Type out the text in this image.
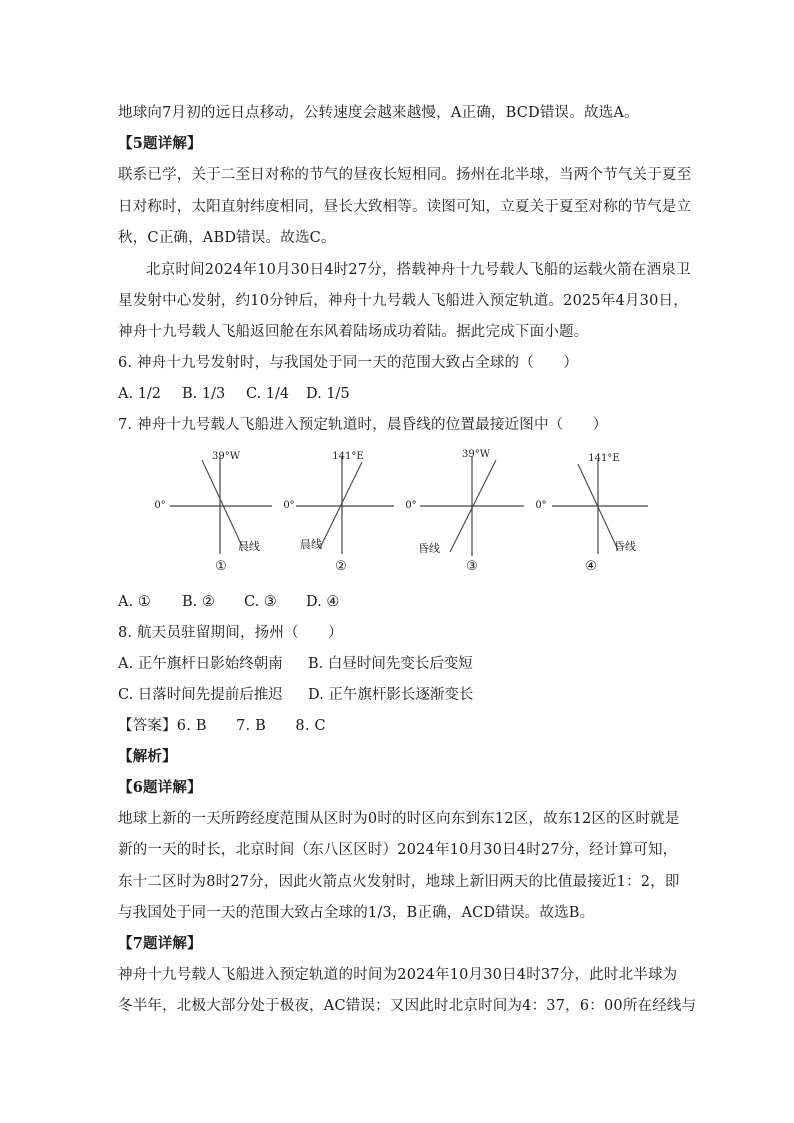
地球向7月初的远日点移动，公转速度会越来越慢，A正确，BCD错误。故选A。
【5题详解】
联系已学，关于二至日对称的节气的昼夜长短相同。扬州在北半球，当两个节气关于夏至
日对称时，太阳直射纬度相同，昼长大致相等。读图可知，立夏关于夏至对称的节气是立
秋，C正确，ABD错误。故选C。
北京时间2024年10月30日4时27分，搭载神舟十九号载人飞船的运载火箭在酒泉卫
星发射中心发射，约10分钟后，神舟十九号载人飞船进入预定轨道。2025年4月30日，
神舟十九号载人飞船返回舱在东风着陆场成功着陆。据此完成下面小题。
6. 神舟十九号发射时，与我国处于同一天的范围大致占全球的（　　）
A. 1/2 B. 1/3 C. 1/4 D. 1/5
7. 神舟十九号载人飞船进入预定轨道时，晨昏线的位置最接近图中（　　）
39°W
0°
晨线
①
141°E
0°
晨线
②
39°W
0°
昏线
③
141°E
0°
昏线
④
A. ① B. ② C. ③ D. ④
8. 航天员驻留期间，扬州（　　）
A. 正午旗杆日影始终朝南 B. 白昼时间先变长后变短
C. 日落时间先提前后推迟 D. 正午旗杆影长逐渐变长
【答案】6. B　　7. B　　8. C
【解析】
【6题详解】
地球上新的一天所跨经度范围从区时为0时的时区向东到东12区，故东12区的区时就是
新的一天的时长，北京时间（东八区区时）2024年10月30日4时27分，经计算可知，
东十二区时为8时27分，因此火箭点火发射时，地球上新旧两天的比值最接近1：2，即
与我国处于同一天的范围大致占全球的1/3，B正确，ACD错误。故选B。
【7题详解】
神舟十九号载人飞船进入预定轨道的时间为2024年10月30日4时37分，此时北半球为
冬半年，北极大部分处于极夜，AC错误；又因此时北京时间为4：37，6：00所在经线与
